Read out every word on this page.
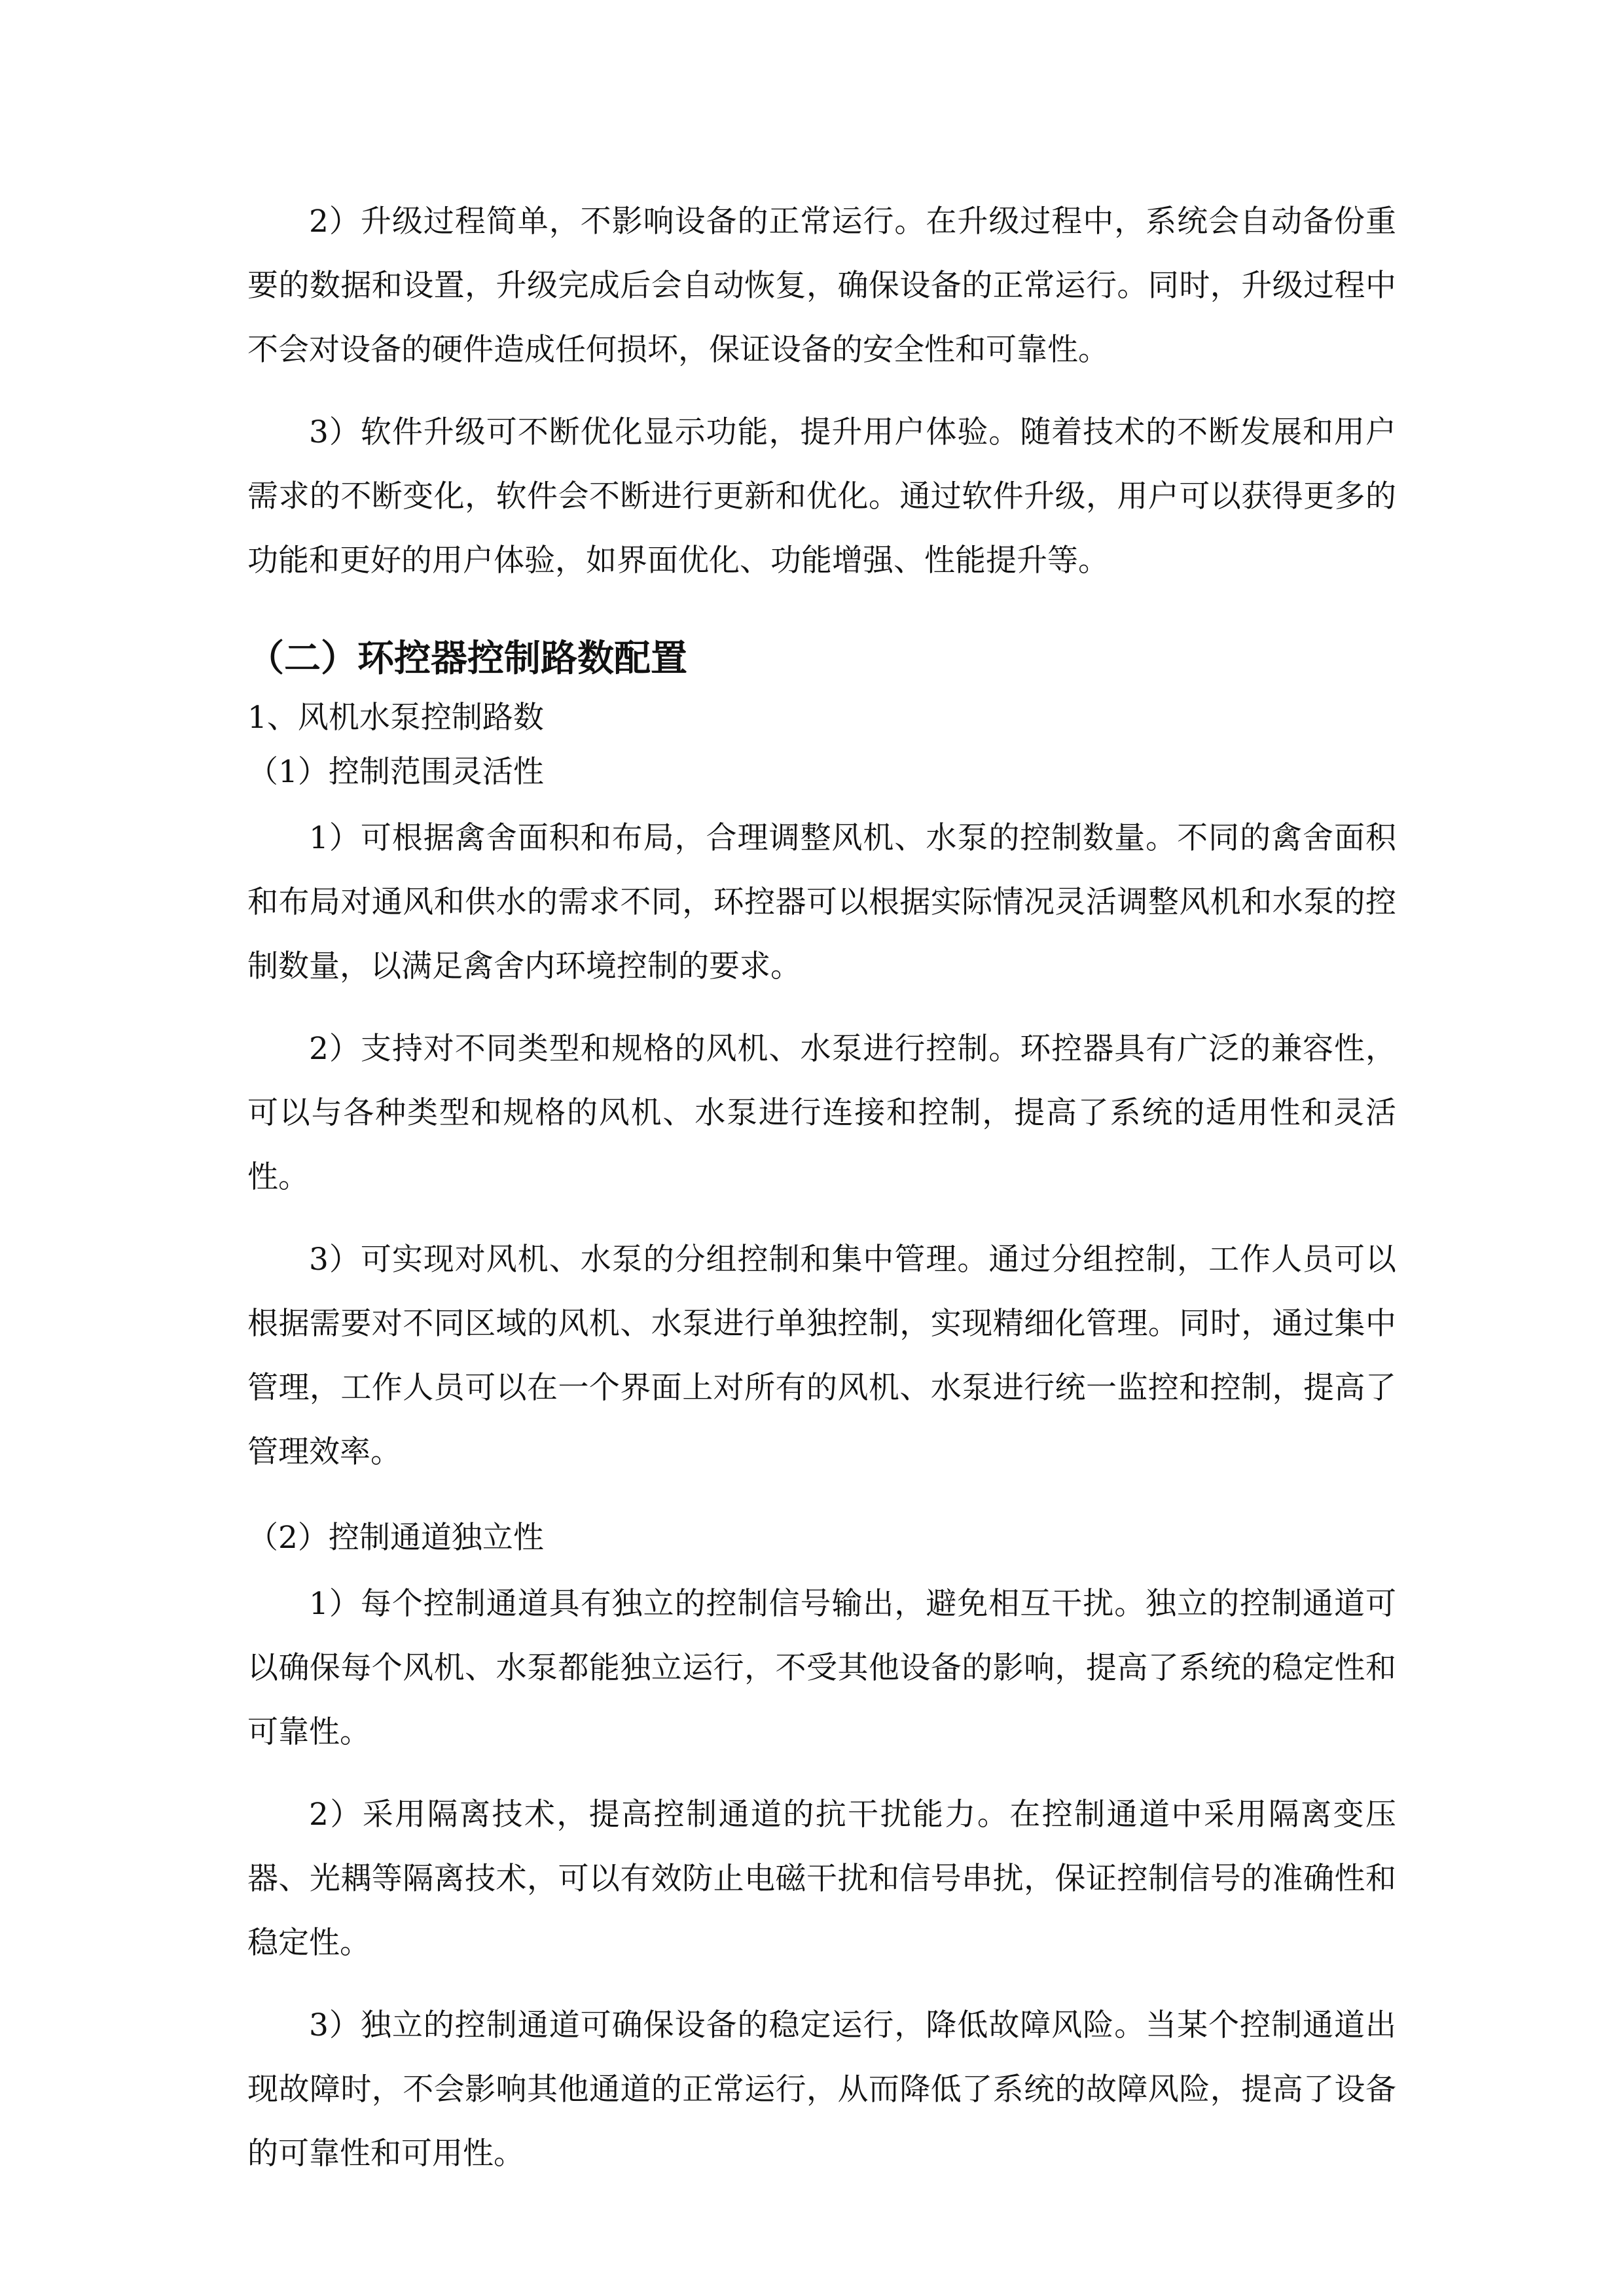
2）升级过程简单，不影响设备的正常运行。在升级过程中，系统会自动备份重要的数据和设置，升级完成后会自动恢复，确保设备的正常运行。同时，升级过程中不会对设备的硬件造成任何损坏，保证设备的安全性和可靠性。

3）软件升级可不断优化显示功能，提升用户体验。随着技术的不断发展和用户需求的不断变化，软件会不断进行更新和优化。通过软件升级，用户可以获得更多的功能和更好的用户体验，如界面优化、功能增强、性能提升等。

（二）环控器控制路数配置
1、风机水泵控制路数
（1）控制范围灵活性

1）可根据禽舍面积和布局，合理调整风机、水泵的控制数量。不同的禽舍面积和布局对通风和供水的需求不同，环控器可以根据实际情况灵活调整风机和水泵的控制数量，以满足禽舍内环境控制的要求。

2）支持对不同类型和规格的风机、水泵进行控制。环控器具有广泛的兼容性，可以与各种类型和规格的风机、水泵进行连接和控制，提高了系统的适用性和灵活性。

3）可实现对风机、水泵的分组控制和集中管理。通过分组控制，工作人员可以根据需要对不同区域的风机、水泵进行单独控制，实现精细化管理。同时，通过集中管理，工作人员可以在一个界面上对所有的风机、水泵进行统一监控和控制，提高了管理效率。

（2）控制通道独立性

1）每个控制通道具有独立的控制信号输出，避免相互干扰。独立的控制通道可以确保每个风机、水泵都能独立运行，不受其他设备的影响，提高了系统的稳定性和可靠性。

2）采用隔离技术，提高控制通道的抗干扰能力。在控制通道中采用隔离变压器、光耦等隔离技术，可以有效防止电磁干扰和信号串扰，保证控制信号的准确性和稳定性。

3）独立的控制通道可确保设备的稳定运行，降低故障风险。当某个控制通道出现故障时，不会影响其他通道的正常运行，从而降低了系统的故障风险，提高了设备的可靠性和可用性。
